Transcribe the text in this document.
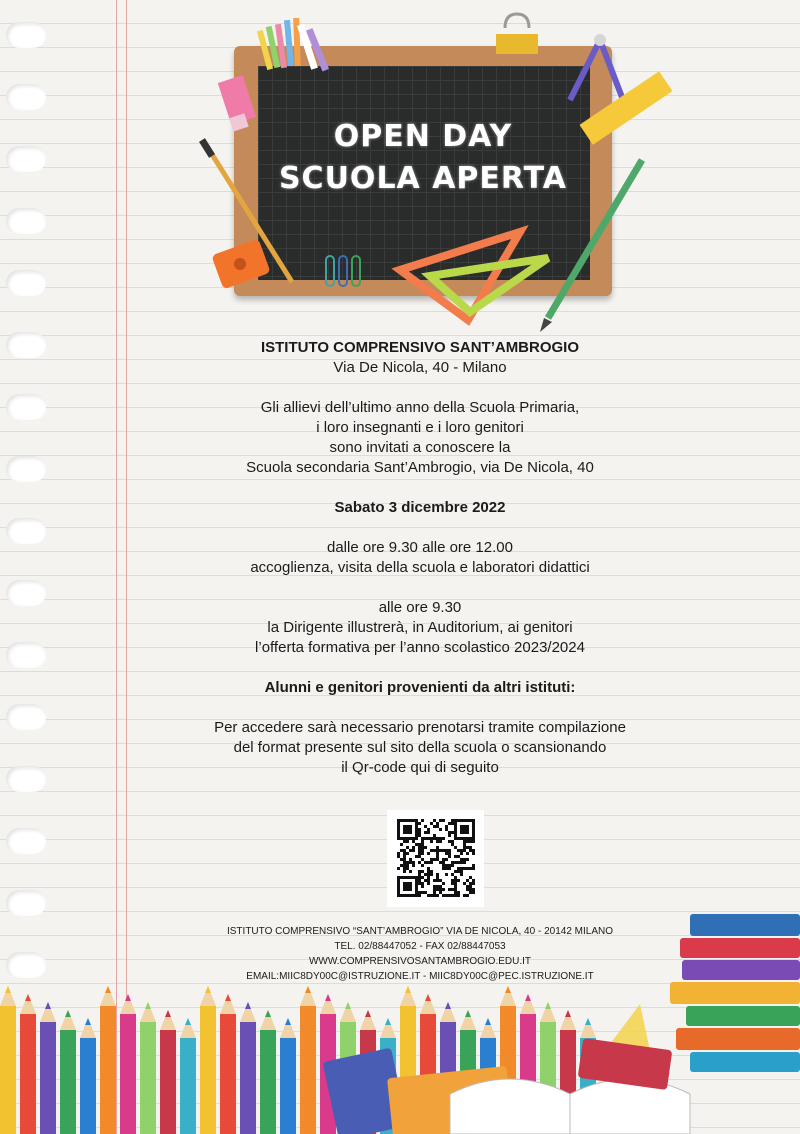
OPEN DAY
SCUOLA APERTA

ISTITUTO COMPRENSIVO SANT’AMBROGIO

Via De Nicola, 40 - Milano

Gli allievi dell’ultimo anno della Scuola Primaria,

i loro insegnanti e i loro genitori

sono invitati a conoscere la

Scuola secondaria Sant’Ambrogio, via De Nicola, 40

Sabato 3 dicembre 2022

dalle ore 9.30 alle ore 12.00

accoglienza, visita della scuola e laboratori didattici

alle ore 9.30

la Dirigente illustrerà, in Auditorium, ai genitori

l’offerta formativa per l’anno scolastico 2023/2024

Alunni e genitori provenienti da altri istituti:

Per accedere sarà necessario prenotarsi tramite compilazione

del format presente sul sito della scuola o scansionando

il Qr-code qui di seguito

ISTITUTO COMPRENSIVO “SANT’AMBROGIO” VIA DE NICOLA, 40 - 20142 MILANO
TEL. 02/88447052 - FAX 02/88447053
WWW.COMPRENSIVOSANTAMBROGIO.EDU.IT
EMAIL:MIIC8DY00C@ISTRUZIONE.IT - MIIC8DY00C@PEC.ISTRUZIONE.IT
